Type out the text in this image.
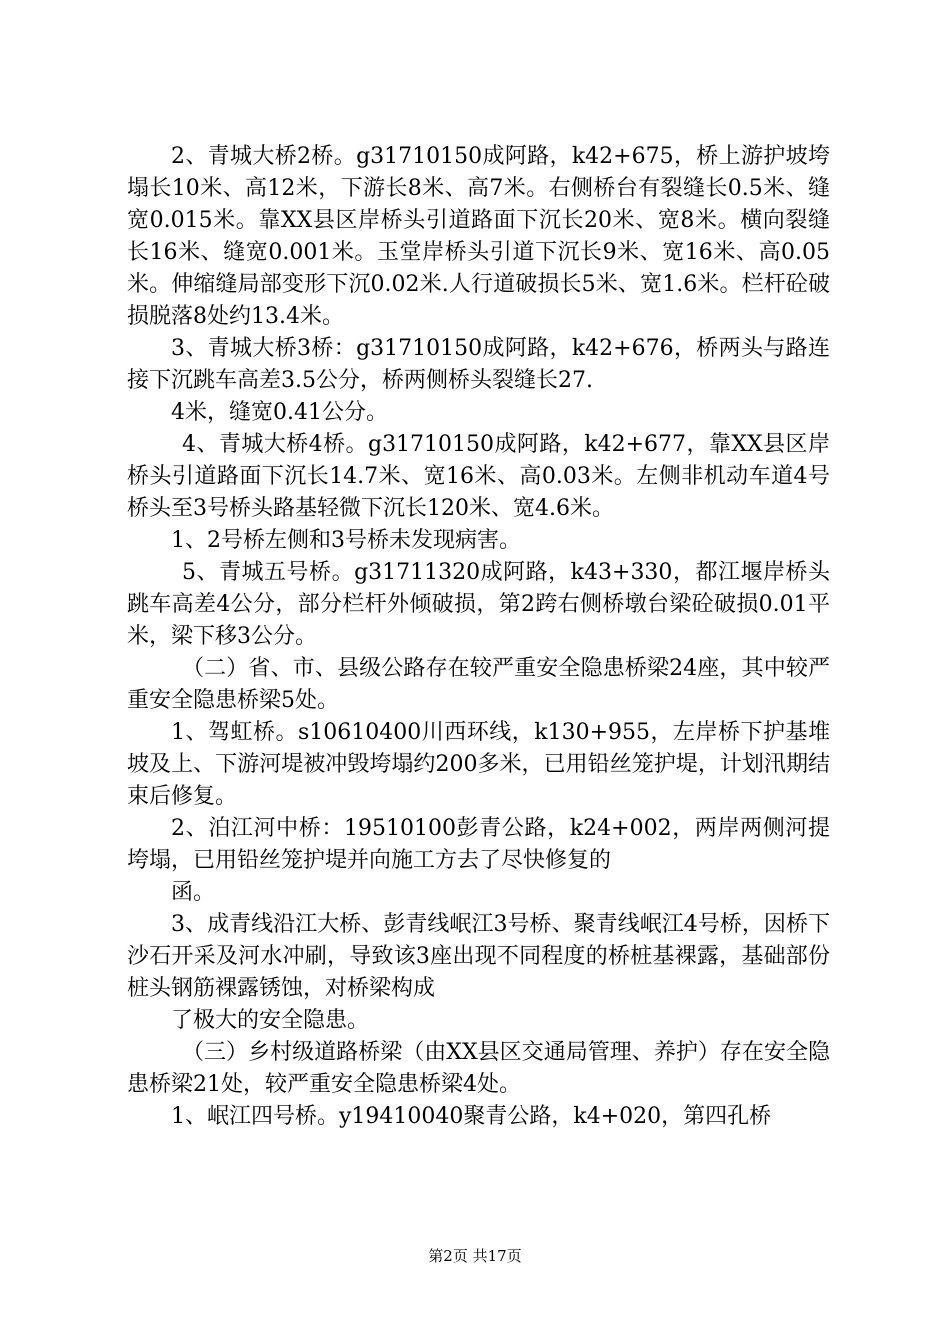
2、青城大桥2桥。g31710150成阿路，k42+675，桥上游护坡垮塌长10米、高12米，下游长8米、高7米。右侧桥台有裂缝长0.5米、缝宽0.015米。靠XX县区岸桥头引道路面下沉长20米、宽8米。横向裂缝长16米、缝宽0.001米。玉堂岸桥头引道下沉长9米、宽16米、高0.05米。伸缩缝局部变形下沉0.02米.人行道破损长5米、宽1.6米。栏杆砼破损脱落8处约13.4米。

3、青城大桥3桥：g31710150成阿路，k42+676，桥两头与路连接下沉跳车高差3.5公分，桥两侧桥头裂缝长27.

4米，缝宽0.41公分。

4、青城大桥4桥。g31710150成阿路，k42+677，靠XX县区岸桥头引道路面下沉长14.7米、宽16米、高0.03米。左侧非机动车道4号桥头至3号桥头路基轻微下沉长120米、宽4.6米。

1、2号桥左侧和3号桥未发现病害。

5、青城五号桥。g31711320成阿路，k43+330，都江堰岸桥头跳车高差4公分，部分栏杆外倾破损，第2跨右侧桥墩台梁砼破损0.01平米，梁下移3公分。

（二）省、市、县级公路存在较严重安全隐患桥梁24座，其中较严重安全隐患桥梁5处。

1、驾虹桥。s10610400川西环线，k130+955，左岸桥下护基堆坡及上、下游河堤被冲毁垮塌约200多米，已用铅丝笼护堤，计划汛期结束后修复。

2、泊江河中桥：19510100彭青公路，k24+002，两岸两侧河提垮塌，已用铅丝笼护堤并向施工方去了尽快修复的

函。

3、成青线沿江大桥、彭青线岷江3号桥、聚青线岷江4号桥，因桥下沙石开采及河水冲刷，导致该3座出现不同程度的桥桩基裸露，基础部份桩头钢筋裸露锈蚀，对桥梁构成

了极大的安全隐患。

（三）乡村级道路桥梁（由XX县区交通局管理、养护）存在安全隐患桥梁21处，较严重安全隐患桥梁4处。

1、岷江四号桥。y19410040聚青公路，k4+020，第四孔桥

第2页 共17页
